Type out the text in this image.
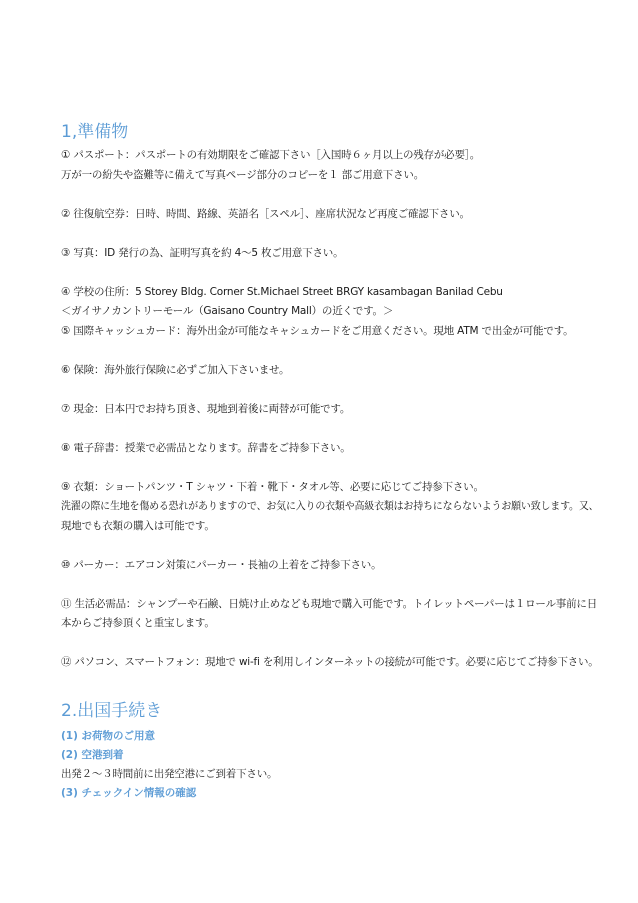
1,準備物
① パスポート：パスポートの有効期限をご確認下さい［入国時６ヶ月以上の残存が必要］。
万が一の紛失や盗難等に備えて写真ページ部分のコピーを１ 部ご用意下さい。
② 往復航空券：日時、時間、路線、英語名［スペル］、座席状況など再度ご確認下さい。
③ 写真：ID 発行の為、証明写真を約 4～5 枚ご用意下さい。
④ 学校の住所：5 Storey Bldg. Corner St.Michael Street BRGY kasambagan Banilad Cebu
＜ガイサノカントリーモール（Gaisano Country Mall）の近くです。＞
⑤ 国際キャッシュカード：海外出金が可能なキャシュカードをご用意ください。現地 ATM で出金が可能です。
⑥ 保険：海外旅行保険に必ずご加入下さいませ。
⑦ 現金：日本円でお持ち頂き、現地到着後に両替が可能です。
⑧ 電子辞書：授業で必需品となります。辞書をご持参下さい。
⑨ 衣類：ショートパンツ・T シャツ・下着・靴下・タオル等、必要に応じてご持参下さい。
洗濯の際に生地を傷める恐れがありますので、お気に入りの衣類や高級衣類はお持ちにならないようお願い致します。又、
現地でも衣類の購入は可能です。
⑩ パーカー：エアコン対策にパーカー・長袖の上着をご持参下さい。
⑪ 生活必需品：シャンプーや石鹸、日焼け止めなども現地で購入可能です。トイレットペーパーは１ロール事前に日
本からご持参頂くと重宝します。
⑫ パソコン、スマートフォン：現地で wi-fi を利用しインターネットの接続が可能です。必要に応じてご持参下さい。
2.出国手続き
(1) お荷物のご用意
(2) 空港到着
出発２～３時間前に出発空港にご到着下さい。
(3) チェックイン情報の確認
